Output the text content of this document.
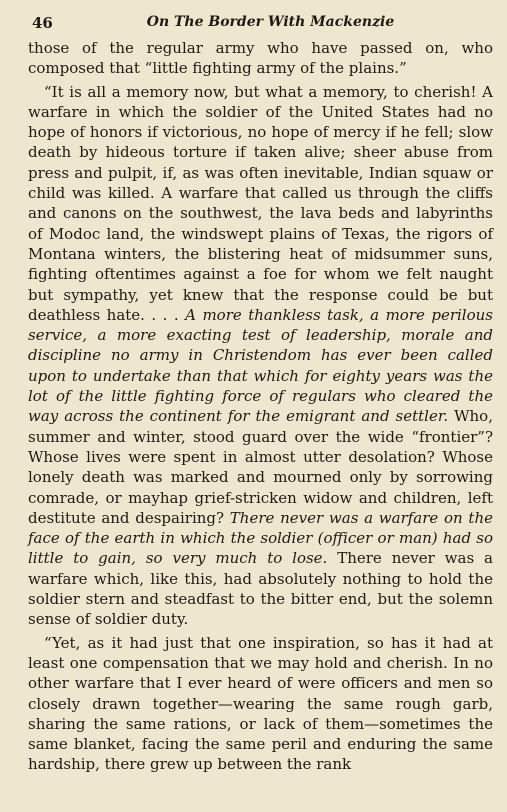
46	On The Border With Mackenzie

those of the regular army who have passed on, who composed that “little fighting army of the plains.”

“It is all a memory now, but what a memory, to cherish! A warfare in which the soldier of the United States had no hope of honors if victorious, no hope of mercy if he fell; slow death by hideous torture if taken alive; sheer abuse from press and pulpit, if, as was often inevitable, Indian squaw or child was killed. A warfare that called us through the cliffs and canons on the southwest, the lava beds and labyrinths of Modoc land, the windswept plains of Texas, the rigors of Montana winters, the blistering heat of midsummer suns, fighting oftentimes against a foe for whom we felt naught but sympathy, yet knew that the response could be but deathless hate. . . . A more thankless task, a more perilous service, a more exacting test of leadership, morale and discipline no army in Christendom has ever been called upon to undertake than that which for eighty years was the lot of the little fighting force of regulars who cleared the way across the continent for the emigrant and settler. Who, summer and winter, stood guard over the wide “frontier”? Whose lives were spent in almost utter desolation? Whose lonely death was marked and mourned only by sorrowing comrade, or mayhap grief-stricken widow and children, left destitute and despairing? There never was a warfare on the face of the earth in which the soldier (officer or man) had so little to gain, so very much to lose. There never was a warfare which, like this, had absolutely nothing to hold the soldier stern and steadfast to the bitter end, but the solemn sense of soldier duty.

“Yet, as it had just that one inspiration, so has it had at least one compensation that we may hold and cherish. In no other warfare that I ever heard of were officers and men so closely drawn together—wearing the same rough garb, sharing the same rations, or lack of them—sometimes the same blanket, facing the same peril and enduring the same hardship, there grew up between the rank
